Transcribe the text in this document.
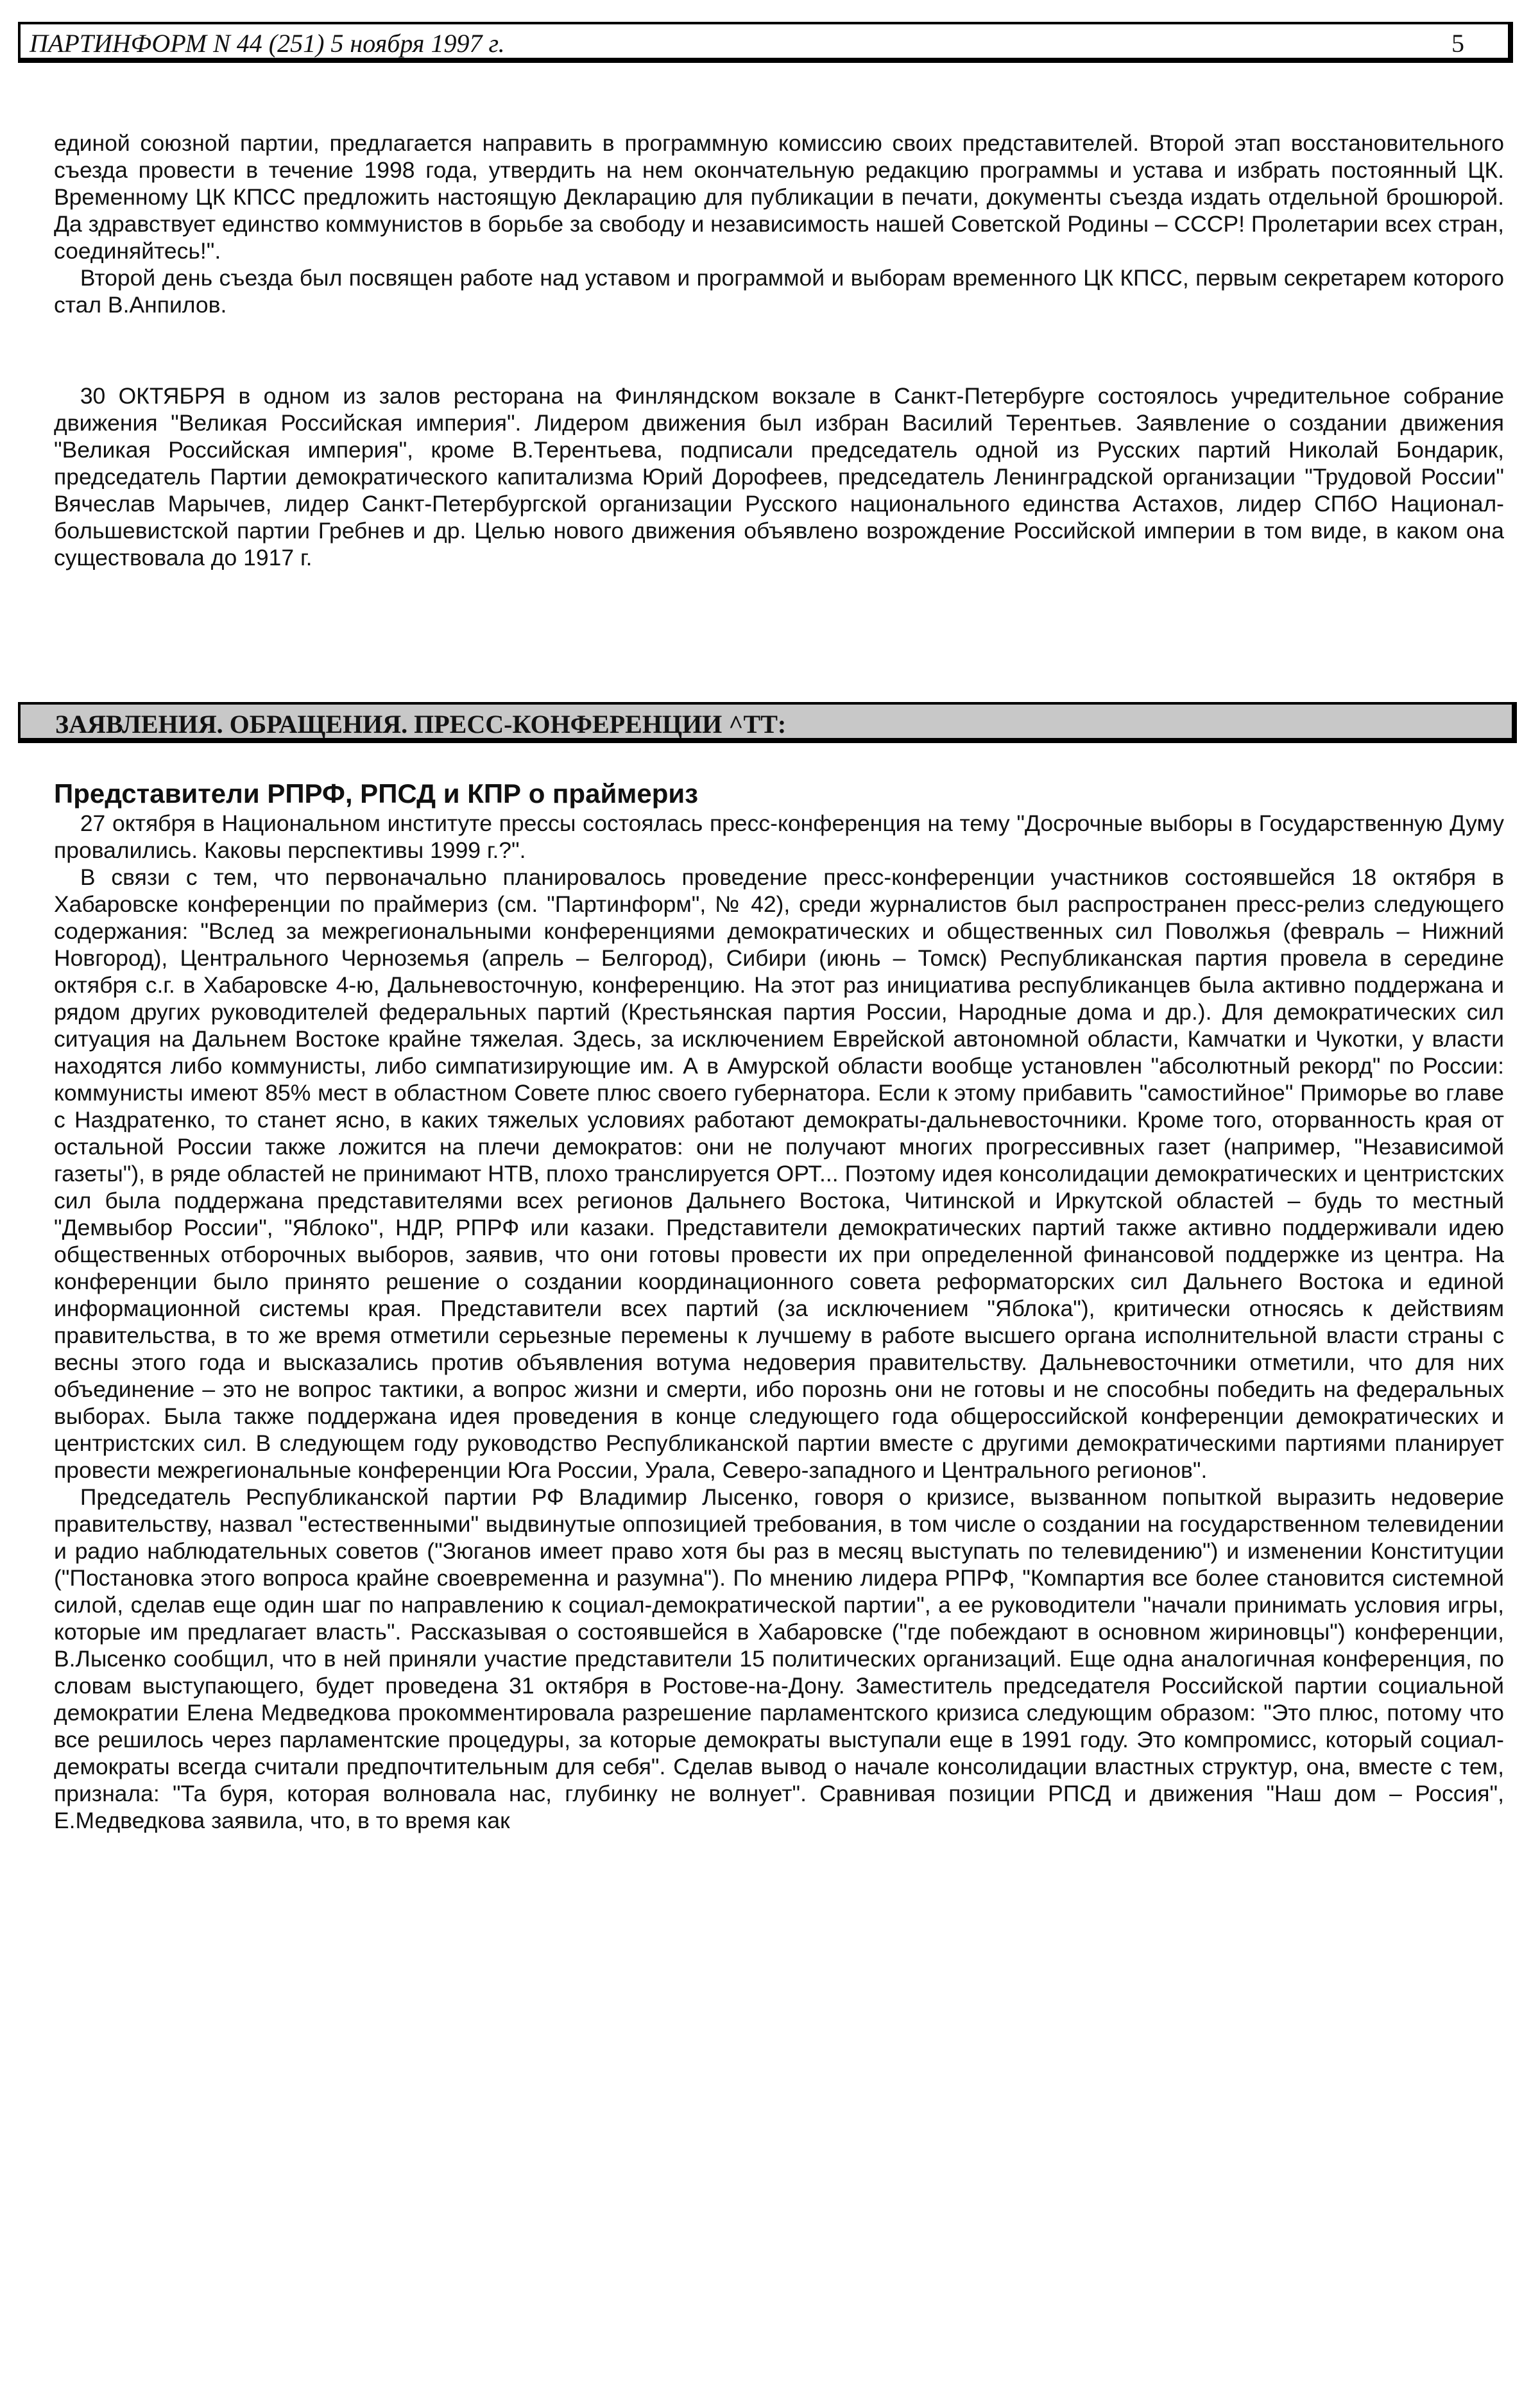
ПАРТИНФОРМ N 44 (251) 5 ноября 1997 г.	5

единой союзной партии, предлагается направить в программную комиссию своих представителей. Второй этап восстановительного съезда провести в течение 1998 года, утвердить на нем окончательную редакцию программы и устава и избрать постоянный ЦК. Временному ЦК КПСС предложить настоящую Декларацию для публикации в печати, документы съезда издать отдельной брошюрой. Да здравствует единство коммунистов в борьбе за свободу и независимость нашей Советской Родины – СССР! Пролетарии всех стран, соединяйтесь!".

Второй день съезда был посвящен работе над уставом и программой и выборам временного ЦК КПСС, первым секретарем которого стал В.Анпилов.

30 ОКТЯБРЯ в одном из залов ресторана на Финляндском вокзале в Санкт-Петербурге состоялось учредительное собрание движения "Великая Российская империя". Лидером движения был избран Василий Терентьев. Заявление о создании движения "Великая Российская империя", кроме В.Терентьева, подписали председатель одной из Русских партий Николай Бондарик, председатель Партии демократического капитализма Юрий Дорофеев, председатель Ленинградской организации "Трудовой России" Вячеслав Марычев, лидер Санкт-Петербургской организации Русского национального единства Астахов, лидер СПбО Национал-большевистской партии Гребнев и др. Целью нового движения объявлено возрождение Российской империи в том виде, в каком она существовала до 1917 г.

ЗАЯВЛЕНИЯ. ОБРАЩЕНИЯ. ПРЕСС-КОНФЕРЕНЦИИ ^ТТ:
Представители РПРФ, РПСД и КПР о праймериз

27 октября в Национальном институте прессы состоялась пресс-конференция на тему "Досрочные выборы в Государственную Думу провалились. Каковы перспективы 1999 г.?".

В связи с тем, что первоначально планировалось проведение пресс-конференции участников состоявшейся 18 октября в Хабаровске конференции по праймериз (см. "Партинформ", № 42), среди журналистов был распространен пресс-релиз следующего содержания: "Вслед за межрегиональными конференциями демократических и общественных сил Поволжья (февраль – Нижний Новгород), Центрального Черноземья (апрель – Белгород), Сибири (июнь – Томск) Республиканская партия провела в середине октября с.г. в Хабаровске 4-ю, Дальневосточную, конференцию. На этот раз инициатива республиканцев была активно поддержана и рядом других руководителей федеральных партий (Крестьянская партия России, Народные дома и др.). Для демократических сил ситуация на Дальнем Востоке крайне тяжелая. Здесь, за исключением Еврейской автономной области, Камчатки и Чукотки, у власти находятся либо коммунисты, либо симпатизирующие им. А в Амурской области вообще установлен "абсолютный рекорд" по России: коммунисты имеют 85% мест в областном Совете плюс своего губернатора. Если к этому прибавить "самостийное" Приморье во главе с Наздратенко, то станет ясно, в каких тяжелых условиях работают демократы-дальневосточники. Кроме того, оторванность края от остальной России также ложится на плечи демократов: они не получают многих прогрессивных газет (например, "Независимой газеты"), в ряде областей не принимают НТВ, плохо транслируется ОРТ... Поэтому идея консолидации демократических и центристских сил была поддержана представителями всех регионов Дальнего Востока, Читинской и Иркутской областей – будь то местный "Демвыбор России", "Яблоко", НДР, РПРФ или казаки. Представители демократических партий также активно поддерживали идею общественных отборочных выборов, заявив, что они готовы провести их при определенной финансовой поддержке из центра. На конференции было принято решение о создании координационного совета реформаторских сил Дальнего Востока и единой информационной системы края. Представители всех партий (за исключением "Яблока"), критически относясь к действиям правительства, в то же время отметили серьезные перемены к лучшему в работе высшего органа исполнительной власти страны с весны этого года и высказались против объявления вотума недоверия правительству. Дальневосточники отметили, что для них объединение – это не вопрос тактики, а вопрос жизни и смерти, ибо порознь они не готовы и не способны победить на федеральных выборах. Была также поддержана идея проведения в конце следующего года общероссийской конференции демократических и центристских сил. В следующем году руководство Республиканской партии вместе с другими демократическими партиями планирует провести межрегиональные конференции Юга России, Урала, Северо-западного и Центрального регионов".

Председатель Республиканской партии РФ Владимир Лысенко, говоря о кризисе, вызванном попыткой выразить недоверие правительству, назвал "естественными" выдвинутые оппозицией требования, в том числе о создании на государственном телевидении и радио наблюдательных советов ("Зюганов имеет право хотя бы раз в месяц выступать по телевидению") и изменении Конституции ("Постановка этого вопроса крайне своевременна и разумна"). По мнению лидера РПРФ, "Компартия все более становится системной силой, сделав еще один шаг по направлению к социал-демократической партии", а ее руководители "начали принимать условия игры, которые им предлагает власть". Рассказывая о состоявшейся в Хабаровске ("где побеждают в основном жириновцы") конференции, В.Лысенко сообщил, что в ней приняли участие представители 15 политических организаций. Еще одна аналогичная конференция, по словам выступающего, будет проведена 31 октября в Ростове-на-Дону. Заместитель председателя Российской партии социальной демократии Елена Медведкова прокомментировала разрешение парламентского кризиса следующим образом: "Это плюс, потому что все решилось через парламентские процедуры, за которые демократы выступали еще в 1991 году. Это компромисс, который социал-демократы всегда считали предпочтительным для себя". Сделав вывод о начале консолидации властных структур, она, вместе с тем, признала: "Та буря, которая волновала нас, глубинку не волнует". Сравнивая позиции РПСД и движения "Наш дом – Россия", Е.Медведкова заявила, что, в то время как
